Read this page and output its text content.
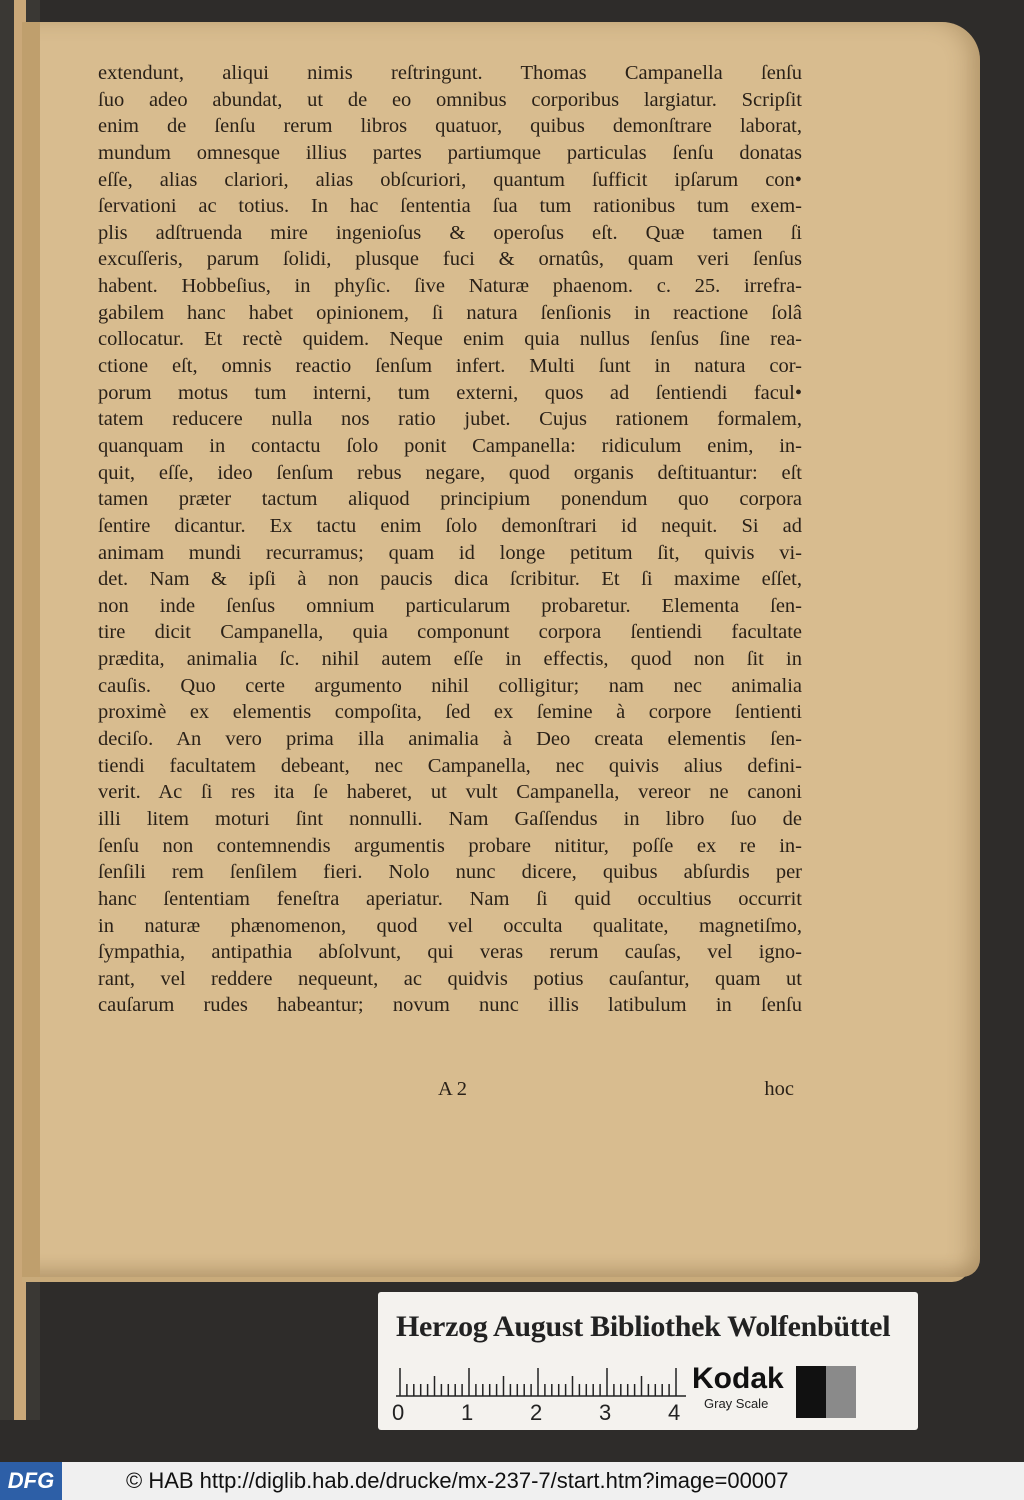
extendunt, aliqui nimis reſtringunt. Thomas Campanella ſenſu
ſuo adeo abundat, ut de eo omnibus corporibus largiatur. Scripſit
enim de ſenſu rerum libros quatuor, quibus demonſtrare laborat,
mundum omnesque illius partes partiumque particulas ſenſu donatas
eſſe, alias clariori, alias obſcuriori, quantum ſufficit ipſarum con•
ſervationi ac totius. In hac ſententia ſua tum rationibus tum exem-
plis adſtruenda mire ingenioſus & operoſus eſt. Quæ tamen ſi
excuſſeris, parum ſolidi, plusque fuci & ornatûs, quam veri ſenſus
habent. Hobbeſius, in phyſic. ſive Naturæ phaenom. c. 25. irrefra-
gabilem hanc habet opinionem, ſi natura ſenſionis in reactione ſolâ
collocatur. Et rectè quidem. Neque enim quia nullus ſenſus ſine rea-
ctione eſt, omnis reactio ſenſum infert. Multi ſunt in natura cor-
porum motus tum interni, tum externi, quos ad ſentiendi facul•
tatem reducere nulla nos ratio jubet. Cujus rationem formalem,
quanquam in contactu ſolo ponit Campanella: ridiculum enim, in-
quit, eſſe, ideo ſenſum rebus negare, quod organis deſtituantur: eſt
tamen præter tactum aliquod principium ponendum quo corpora
ſentire dicantur. Ex tactu enim ſolo demonſtrari id nequit. Si ad
animam mundi recurramus; quam id longe petitum ſit, quivis vi-
det. Nam & ipſi à non paucis dica ſcribitur. Et ſi maxime eſſet,
non inde ſenſus omnium particularum probaretur. Elementa ſen-
tire dicit Campanella, quia componunt corpora ſentiendi facultate
prædita, animalia ſc. nihil autem eſſe in effectis, quod non ſit in
cauſis. Quo certe argumento nihil colligitur; nam nec animalia
proximè ex elementis compoſita, ſed ex ſemine à corpore ſentienti
deciſo. An vero prima illa animalia à Deo creata elementis ſen-
tiendi facultatem debeant, nec Campanella, nec quivis alius defini-
verit. Ac ſi res ita ſe haberet, ut vult Campanella, vereor ne canoni
illi litem moturi ſint nonnulli. Nam Gaſſendus in libro ſuo de
ſenſu non contemnendis argumentis probare nititur, poſſe ex re in-
ſenſili rem ſenſilem fieri. Nolo nunc dicere, quibus abſurdis per
hanc ſententiam feneſtra aperiatur. Nam ſi quid occultius occurrit
in naturæ phænomenon, quod vel occulta qualitate, magnetiſmo,
ſympathia, antipathia abſolvunt, qui veras rerum cauſas, vel igno-
rant, vel reddere nequeunt, ac quidvis potius cauſantur, quam ut
cauſarum rudes habeantur; novum nunc illis latibulum in ſenſu
A 2	hoc
Herzog August Bibliothek Wolfenbüttel
0	1	2	3	4
Kodak
Gray Scale
DFG	© HAB http://diglib.hab.de/drucke/mx-237-7/start.htm?image=00007
